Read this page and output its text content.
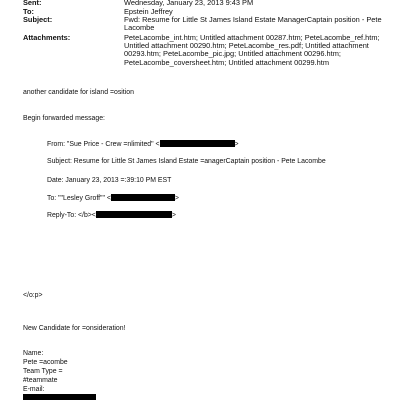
Sent:	Wednesday, January 23, 2013 9:43 PM
To:	Epstein Jeffrey
Subject:	Fwd: Resume for Little St James Island Estate ManagerCaptain position - Pete Lacombe
Attachments:	PeteLacombe_int.htm; Untitled attachment 00287.htm; PeteLacombe_ref.htm; Untitled attachment 00290.htm; PeteLacombe_res.pdf; Untitled attachment 00293.htm; PeteLacombe_pic.jpg; Untitled attachment 00296.htm; PeteLacombe_coversheet.htm; Untitled attachment 00299.htm
another candidate for island =osition
Begin forwarded message:
From: "Sue Price - Crew =nlimited" <	>
Subject: Resume for Little St James Island Estate =anagerCaptain position - Pete Lacombe
Date: January 23, 2013 =:39:10 PM EST
To: ""Lesley Groff"" <	>
Reply-To: </b><	>
</o:p>
New Candidate for =onsideration!
Name:
Pete =acombe
Team Type =
#teammate
E-mail:
